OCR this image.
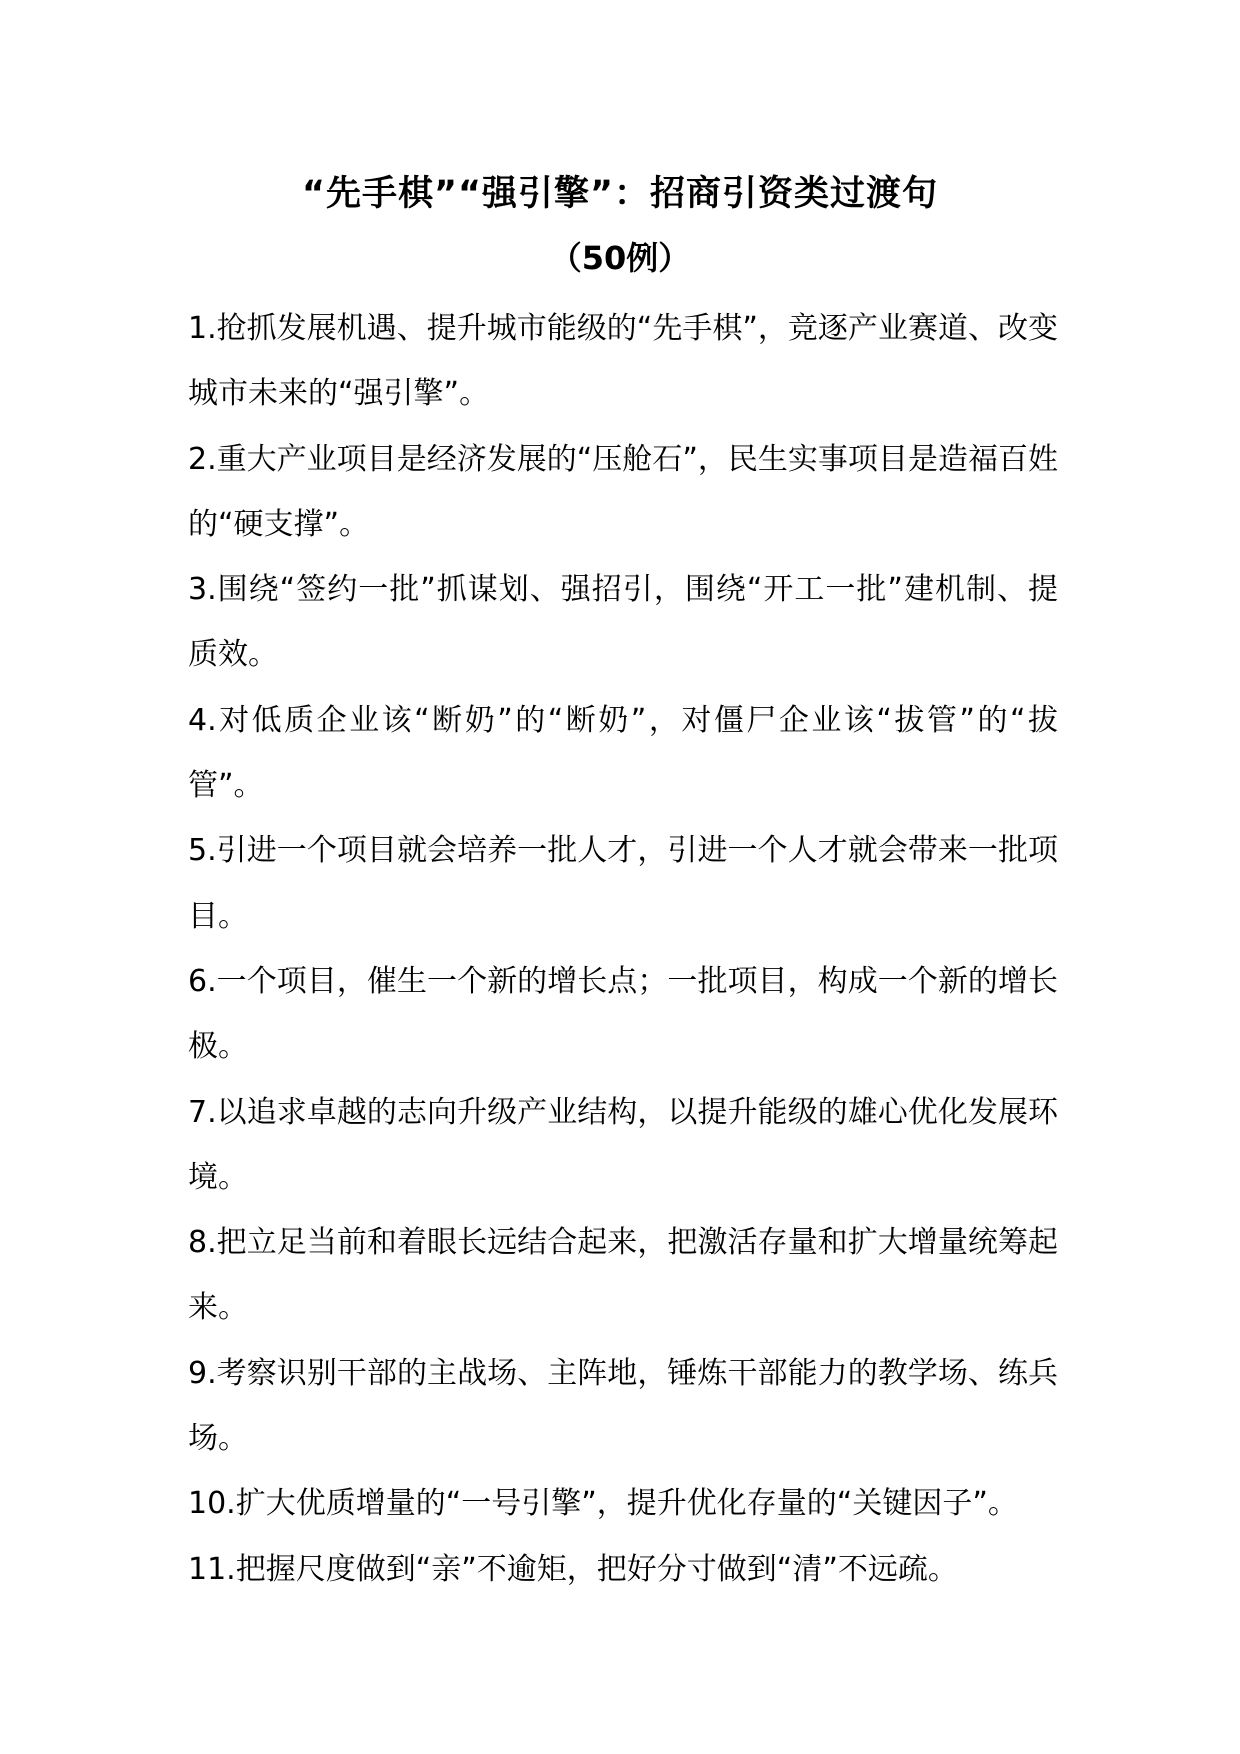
“先手棋”“强引擎”：招商引资类过渡句
（50例）

1.抢抓发展机遇、提升城市能级的“先手棋”，竞逐产业赛道、改变城市未来的“强引擎”。

2.重大产业项目是经济发展的“压舱石”，民生实事项目是造福百姓的“硬支撑”。

3.围绕“签约一批”抓谋划、强招引，围绕“开工一批”建机制、提质效。

4.对低质企业该“断奶”的“断奶”，对僵尸企业该“拔管”的“拔管”。

5.引进一个项目就会培养一批人才，引进一个人才就会带来一批项目。

6.一个项目，催生一个新的增长点；一批项目，构成一个新的增长极。

7.以追求卓越的志向升级产业结构，以提升能级的雄心优化发展环境。

8.把立足当前和着眼长远结合起来，把激活存量和扩大增量统筹起来。

9.考察识别干部的主战场、主阵地，锤炼干部能力的教学场、练兵场。

10.扩大优质增量的“一号引擎”，提升优化存量的“关键因子”。

11.把握尺度做到“亲”不逾矩，把好分寸做到“清”不远疏。
